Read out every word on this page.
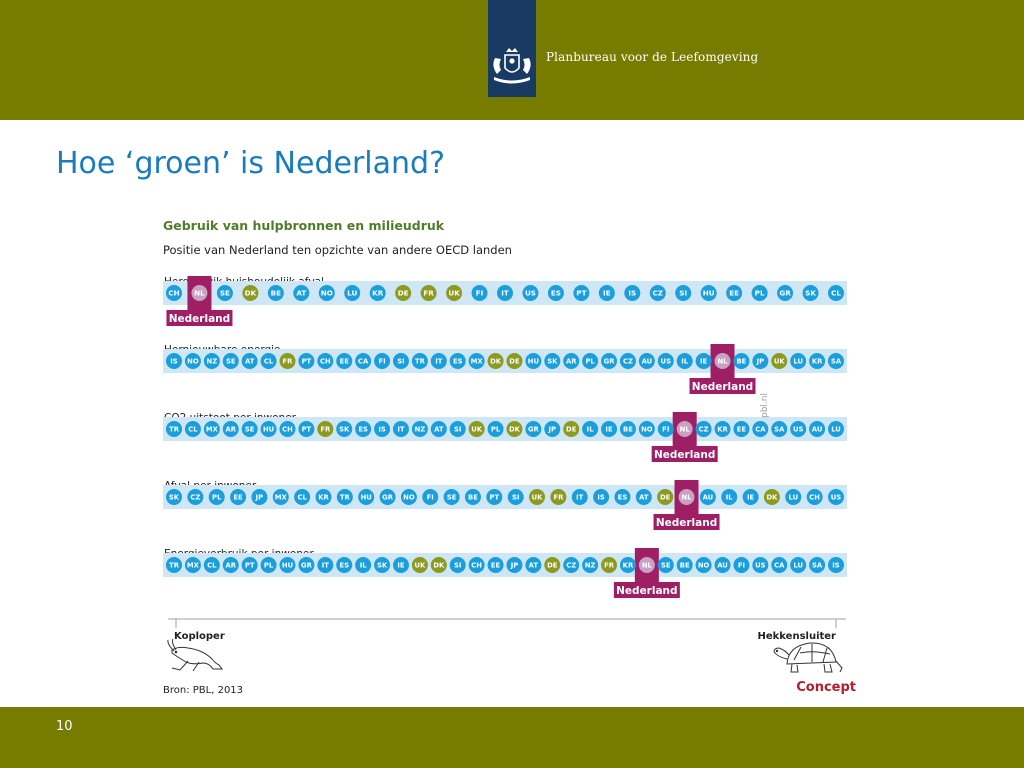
Planbureau voor de Leefomgeving
Hoe ‘groen’ is Nederland?
Gebruik van hulpbronnen en milieudruk
Positie van Nederland ten opzichte van andere OECD landen
CH NL SE DK BE AT NO LU KR DE FR UK FI IT US ES PT IE IS CZ SI HU EE PL GR SK CL
Nederland
IS NO NZ SE AT CL FR PT CH EE CA FI SI TR IT ES MX DK DE HU SK AR PL GR CZ AU US IL IE NL BE JP UK LU KR SA
Nederland
TR CL MX AR SE HU CH PT FR SK ES IS IT NZ AT SI UK PL DK GR JP DE IL IE BE NO FI NL CZ KR EE CA SA US AU LU
Nederland
SK CZ PL EE JP MX CL KR TR HU GR NO FI SE BE PT SI UK FR IT IS ES AT DE NL AU IL IE DK LU CH US
Nederland
TR MX CL AR PT PL HU GR IT ES IL SK IE UK DK SI CH EE JP AT DE CZ NZ FR KR NL SE BE NO AU FI US CA LU SA IS
Nederland
pbl.nl
Koploper	Hekkensluiter
Bron: PBL, 2013	Concept
10
